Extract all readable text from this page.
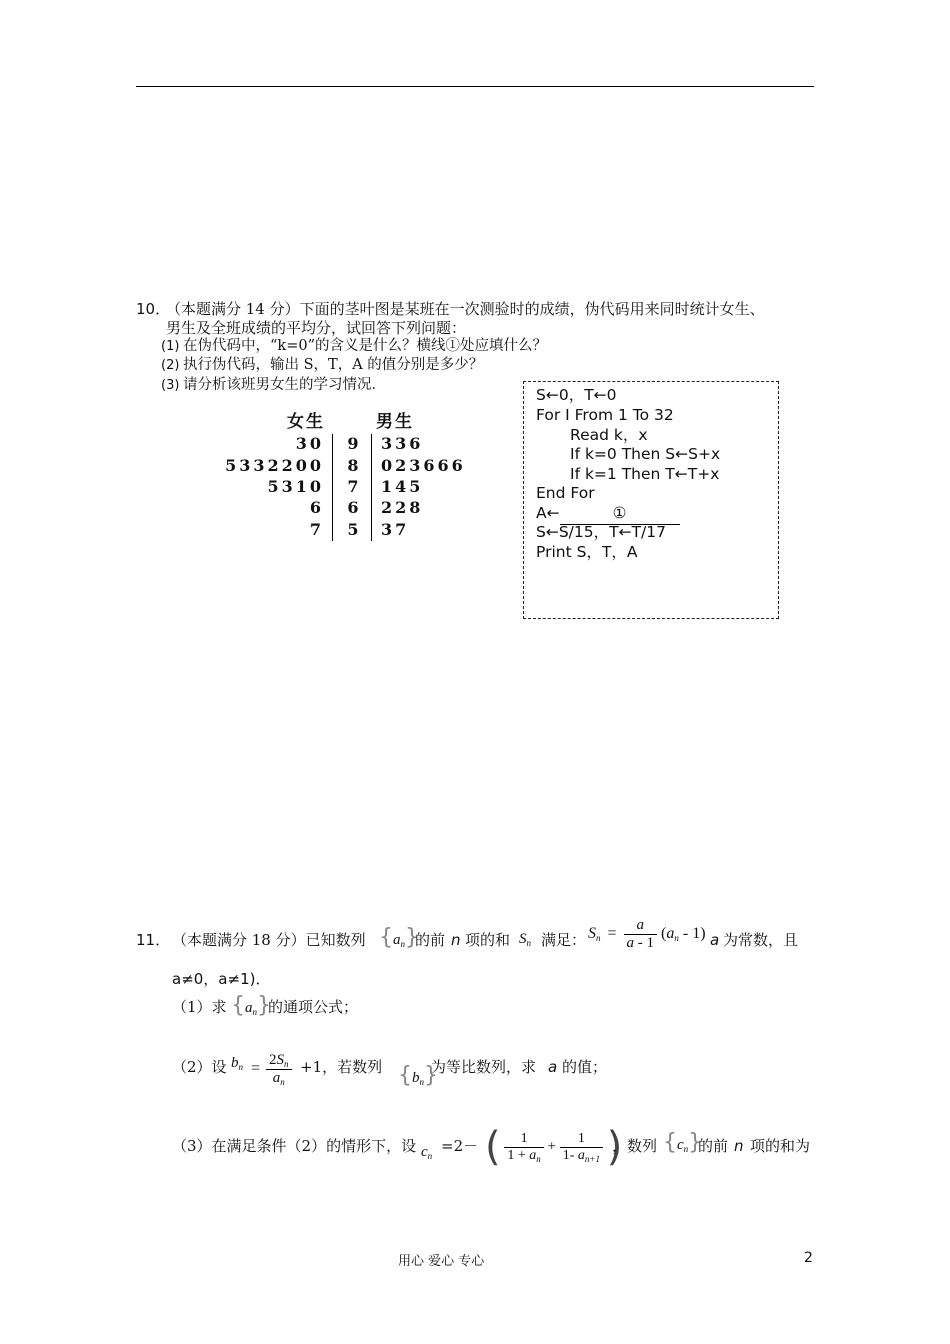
10．
（本题满分 14 分）下面的茎叶图是某班在一次测验时的成绩，伪代码用来同时统计女生、
男生及全班成绩的平均分，试回答下列问题：
(1) 在伪代码中，“k=0”的含义是什么？横线①处应填什么？
(2) 执行伪代码，输出 S，T，A 的值分别是多少？
(3) 请分析该班男女生的学习情况．
女生	男生
30 9 336
5332200 8 023666
5310 7 145
6 6 228
7 5 37
S←0，T←0
For I From 1 To 32
Read k，x
If k=0 Then S←S+x
If k=1 Then T←T+x
End For
A←	①
S←S/15，T←T/17
Print S，T，A
11． （本题满分 18 分）已知数列 {an}
的前 n 项的和 $S_n$ 满足： $Sn = \frac{a}{a - 1} (an - 1)$ a 为常数，且
a≠0，a≠1)．
（1）求 {an}
的通项公式；
（2）设 $b_n = \frac{2S_n}{a_n} +1$，若数列 {bn}
为等比数列，求 a 的值；
（3）在满足条件（2）的情形下，设 $c_n$
=2－ ( $\frac{1}{1 + a_n} + \frac{1}{1- a_{n+1}}$ )
，数列 {cn}
的前 n 项的和为
用心 爱心 专心	2
